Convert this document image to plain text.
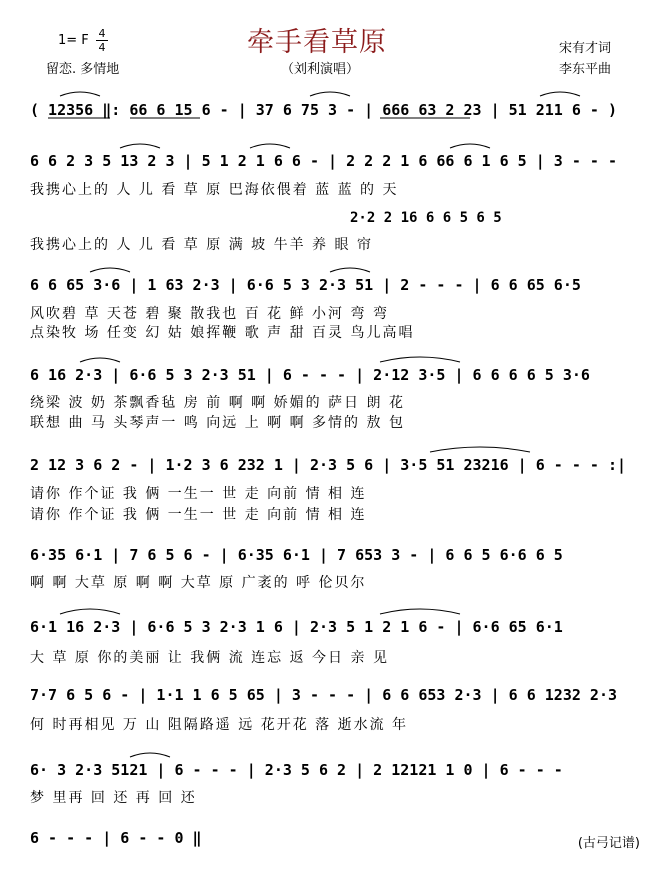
牵手看草原
1= F 4
4
留恋. 多情地	（刘利演唱）
宋有才词
李东平曲
( 12356 ‖: 66 6 15 6 - | 37 6 75 3 - | 666 63 2 23 | 51 211 6 - )
6 6 2 3 5 13 2 3 | 5 1 2 1 6 6 - | 2 2 2 1 6 66 6 1 6 5 | 3 - - -
我携心上的 人 儿 看 草 原 巴海依偎着 蓝 蓝 的 天
2·2 2 16 6 6 5 6 5
我携心上的 人 儿 看 草 原 满 坡 牛羊 养 眼 帘
6 6 65 3·6 | 1 63 2·3 | 6·6 5 3 2·3 51 | 2 - - - | 6 6 65 6·5
风吹碧 草 天苍 碧 聚 散我也 百 花 鲜 小河 弯 弯
点染牧 场 任变 幻 姑 娘挥鞭 歌 声 甜 百灵 鸟儿高唱
6 16 2·3 | 6·6 5 3 2·3 51 | 6 - - - | 2·12 3·5 | 6 6 6 6 5 3·6
绕梁 波 奶 茶飘香毡 房 前 啊 啊 娇媚的 萨日 朗 花
联想 曲 马 头琴声一 鸣 向远 上 啊 啊 多情的 敖 包
2 12 3 6 2 - | 1·2 3 6 232 1 | 2·3 5 6 | 3·5 51 23216 | 6 - - - :|
请你 作个证 我 俩 一生一 世 走 向前 情 相 连
请你 作个证 我 俩 一生一 世 走 向前 情 相 连
6·35 6·1 | 7 6 5 6 - | 6·35 6·1 | 7 653 3 - | 6 6 5 6·6 6 5
啊 啊 大草 原 啊 啊 大草 原 广袤的 呼 伦贝尔
6·1 16 2·3 | 6·6 5 3 2·3 1 6 | 2·3 5 1 2 1 6 - | 6·6 65 6·1
大 草 原 你的美丽 让 我俩 流 连忘 返 今日 亲 见
7·7 6 5 6 - | 1·1 1 6 5 65 | 3 - - - | 6 6 653 2·3 | 6 6 1232 2·3
何 时再相见 万 山 阻隔路遥 远 花开花 落 逝水流 年
6· 3 2·3 5121 | 6 - - - | 2·3 5 6 2 | 2 12121 1 0 | 6 - - -
梦 里再 回 还 再 回 还
6 - - - | 6 - - 0 ‖	(古弓记谱)
